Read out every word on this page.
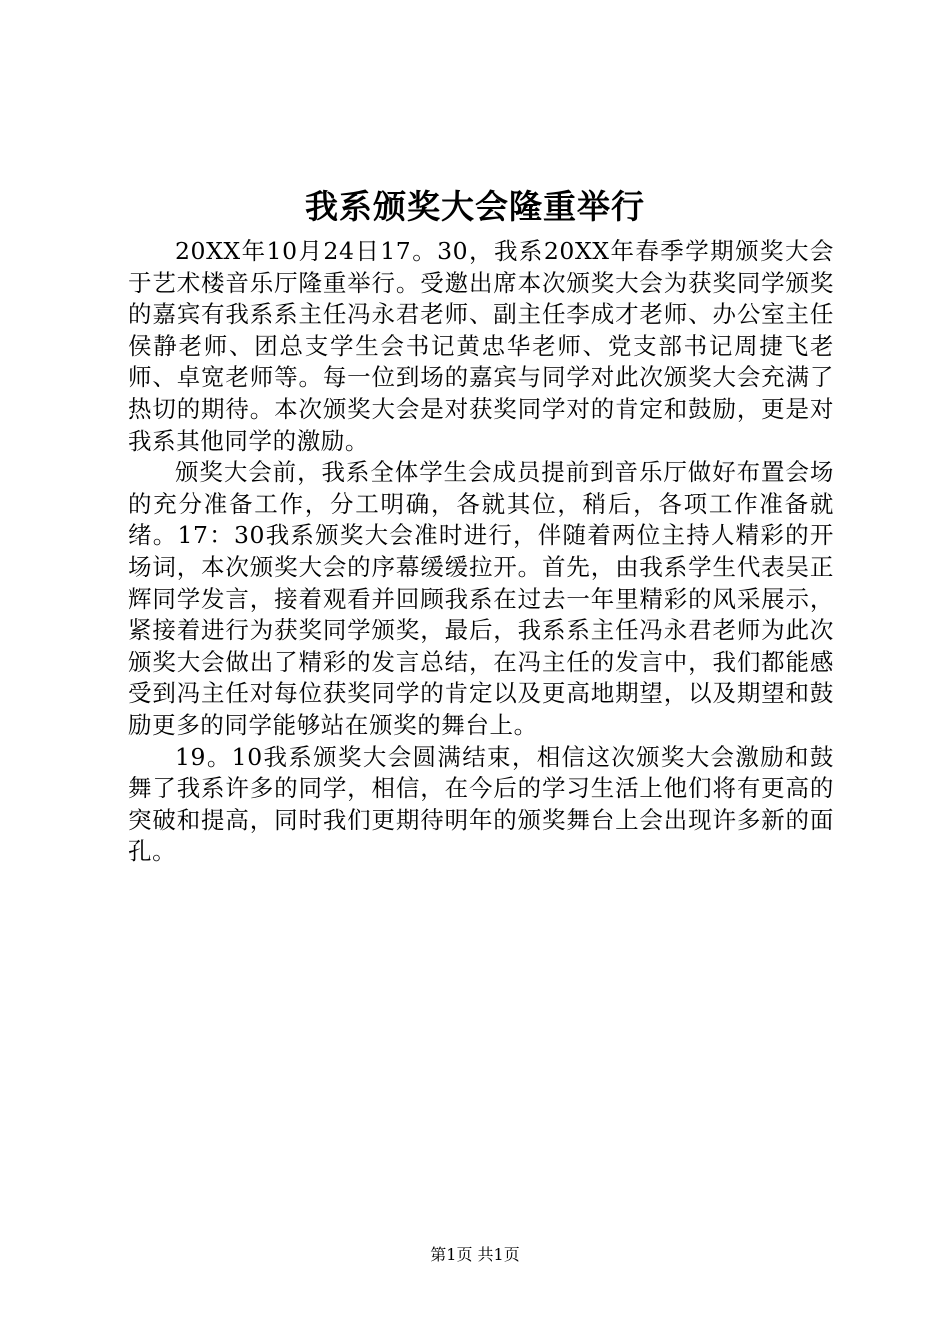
我系颁奖大会隆重举行

20XX年10月24日17。30，我系20XX年春季学期颁奖大会于艺术楼音乐厅隆重举行。受邀出席本次颁奖大会为获奖同学颁奖的嘉宾有我系系主任冯永君老师、副主任李成才老师、办公室主任侯静老师、团总支学生会书记黄忠华老师、党支部书记周捷飞老师、卓宽老师等。每一位到场的嘉宾与同学对此次颁奖大会充满了热切的期待。本次颁奖大会是对获奖同学对的肯定和鼓励，更是对我系其他同学的激励。

颁奖大会前，我系全体学生会成员提前到音乐厅做好布置会场的充分准备工作，分工明确，各就其位，稍后，各项工作准备就绪。17：30我系颁奖大会准时进行，伴随着两位主持人精彩的开场词，本次颁奖大会的序幕缓缓拉开。首先，由我系学生代表吴正辉同学发言，接着观看并回顾我系在过去一年里精彩的风采展示，紧接着进行为获奖同学颁奖，最后，我系系主任冯永君老师为此次颁奖大会做出了精彩的发言总结，在冯主任的发言中，我们都能感受到冯主任对每位获奖同学的肯定以及更高地期望，以及期望和鼓励更多的同学能够站在颁奖的舞台上。

19。10我系颁奖大会圆满结束，相信这次颁奖大会激励和鼓舞了我系许多的同学，相信，在今后的学习生活上他们将有更高的突破和提高，同时我们更期待明年的颁奖舞台上会出现许多新的面孔。

第1页 共1页
